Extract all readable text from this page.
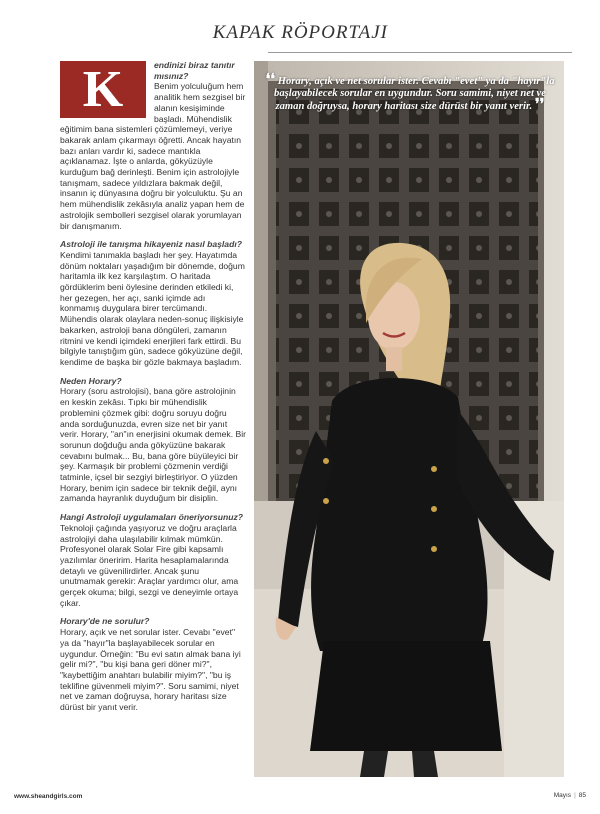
KAPAK RÖPORTAJI
K	endinizi biraz tanıtır mısınız?

Benim yolculuğum hem analitik hem sezgisel bir alanın kesişiminde başladı. Mühendislik eğitimim bana sistemleri çözümlemeyi, veriye bakarak anlam çıkarmayı öğretti. Ancak hayatın bazı anları vardır ki, sadece mantıkla açıklanamaz. İşte o anlarda, gökyüzüyle kurduğum bağ derinleşti. Benim için astrolojiyle tanışmam, sadece yıldızlara bakmak değil, insanın iç dünyasına doğru bir yolculuktu. Şu an hem mühendislik zekâsıyla analiz yapan hem de astrolojik sembolleri sezgisel olarak yorumlayan bir danışmanım.

Astroloji ile tanışma hikayeniz nasıl başladı?

Kendimi tanımakla başladı her şey. Hayatımda dönüm noktaları yaşadığım bir dönemde, doğum haritamla ilk kez karşılaştım. O haritada gördüklerim beni öylesine derinden etkiledi ki, her gezegen, her açı, sanki içimde adı konmamış duygulara birer tercümandı. Mühendis olarak olaylara neden-sonuç ilişkisiyle bakarken, astroloji bana döngüleri, zamanın ritmini ve kendi içimdeki enerjileri fark ettirdi. Bu bilgiyle tanıştığım gün, sadece gökyüzüne değil, kendime de başka bir gözle bakmaya başladım.

Neden Horary?

Horary (soru astrolojisi), bana göre astrolojinin en keskin zekâsı. Tıpkı bir mühendislik problemini çözmek gibi: doğru soruyu doğru anda sorduğunuzda, evren size net bir yanıt verir. Horary, "an"ın enerjisini okumak demek. Bir sorunun doğduğu anda gökyüzüne bakarak cevabını bulmak... Bu, bana göre büyüleyici bir şey. Karmaşık bir problemi çözmenin verdiği tatminle, içsel bir sezgiyi birleştiriyor. O yüzden Horary, benim için sadece bir teknik değil, aynı zamanda hayranlık duyduğum bir disiplin.

Hangi Astroloji uygulamaları öneriyorsunuz?

Teknoloji çağında yaşıyoruz ve doğru araçlarla astrolojiyi daha ulaşılabilir kılmak mümkün. Profesyonel olarak Solar Fire gibi kapsamlı yazılımlar öneririm. Harita hesaplamalarında detaylı ve güvenilirdirler. Ancak şunu unutmamak gerekir: Araçlar yardımcı olur, ama gerçek okuma; bilgi, sezgi ve deneyimle ortaya çıkar.

Horary'de ne sorulur?

Horary, açık ve net sorular ister. Cevabı "evet" ya da "hayır"la başlayabilecek sorular en uygundur. Örneğin: "Bu evi satın almak bana iyi gelir mi?", "bu kişi bana geri döner mi?", "kaybettiğim anahtarı bulabilir miyim?", "bu iş teklifine güvenmeli miyim?". Soru samimi, niyet net ve zaman doğruysa, horary haritası size dürüst bir yanıt verir.

❛❛ Horary, açık ve net sorular ister. Cevabı "evet" ya da "hayır"la başlayabilecek sorular en uygundur. Soru samimi, niyet net ve zaman doğruysa, horary haritası size dürüst bir yanıt verir. ❜❜
www.sheandgirls.com	Mayıs | 85
